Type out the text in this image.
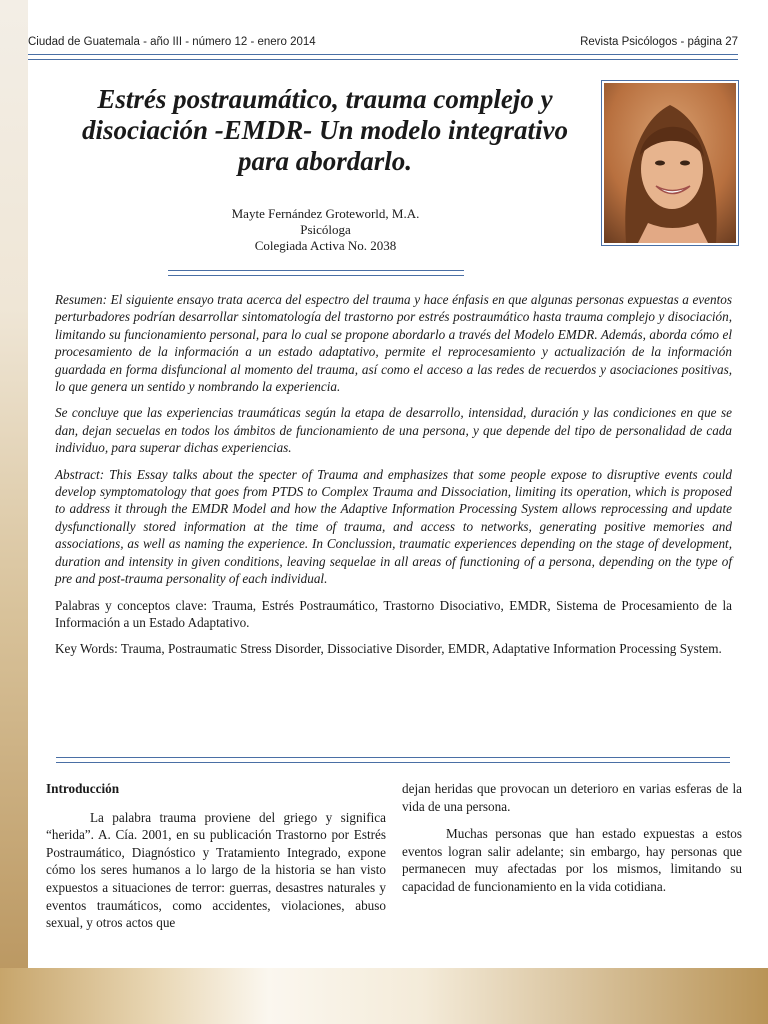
Ciudad de Guatemala - año III - número 12 - enero 2014	Revista Psicólogos - página 27
Estrés postraumático, trauma complejo y disociación -EMDR- Un modelo integrativo para abordarlo.
Mayte Fernández Groteworld, M.A.
Psicóloga
Colegiada Activa No. 2038

Resumen: El siguiente ensayo trata acerca del espectro del trauma y hace énfasis en que algunas personas expuestas a eventos perturbadores podrían desarrollar sintomatología del trastorno por estrés postraumático hasta trauma complejo y disociación, limitando su funcionamiento personal, para lo cual se propone abordarlo a través del Modelo EMDR. Además, aborda cómo el procesamiento de la información a un estado adaptativo, permite el reprocesamiento y actualización de la información guardada en forma disfuncional al momento del trauma, así como el acceso a las redes de recuerdos y asociaciones positivas, lo que genera un sentido y nombrando la experiencia.

Se concluye que las experiencias traumáticas según la etapa de desarrollo, intensidad, duración y las condiciones en que se dan, dejan secuelas en todos los ámbitos de funcionamiento de una persona, y que depende del tipo de personalidad de cada individuo, para superar dichas experiencias.

Abstract: This Essay talks about the specter of Trauma and emphasizes that some people expose to disruptive events could develop symptomatology that goes from PTDS to Complex Trauma and Dissociation, limiting its operation, which is proposed to address it through the EMDR Model and how the Adaptive Information Processing System allows reprocessing and update dysfunctionally stored information at the time of trauma, and access to networks, generating positive memories and associations, as well as naming the experience. In Conclussion, traumatic experiences depending on the stage of development, duration and intensity in given conditions, leaving sequelae in all areas of functioning of a persona, depending on the type of pre and post-trauma personality of each individual.

Palabras y conceptos clave: Trauma, Estrés Postraumático, Trastorno Disociativo, EMDR, Sistema de Procesamiento de la Información a un Estado Adaptativo.

Key Words: Trauma, Postraumatic Stress Disorder, Dissociative Disorder, EMDR, Adaptative Information Processing System.

Introducción

La palabra trauma proviene del griego y significa “herida”. A. Cía. 2001, en su publicación Trastorno por Estrés Postraumático, Diagnóstico y Tratamiento Integrado, expone cómo los seres humanos a lo largo de la historia se han visto expuestos a situaciones de terror: guerras, desastres naturales y eventos traumáticos, como accidentes, violaciones, abuso sexual, y otros actos que

dejan heridas que provocan un deterioro en varias esferas de la vida de una persona.

Muchas personas que han estado expuestas a estos eventos logran salir adelante; sin embargo, hay personas que permanecen muy afectadas por los mismos, limitando su capacidad de funcionamiento en la vida cotidiana.
